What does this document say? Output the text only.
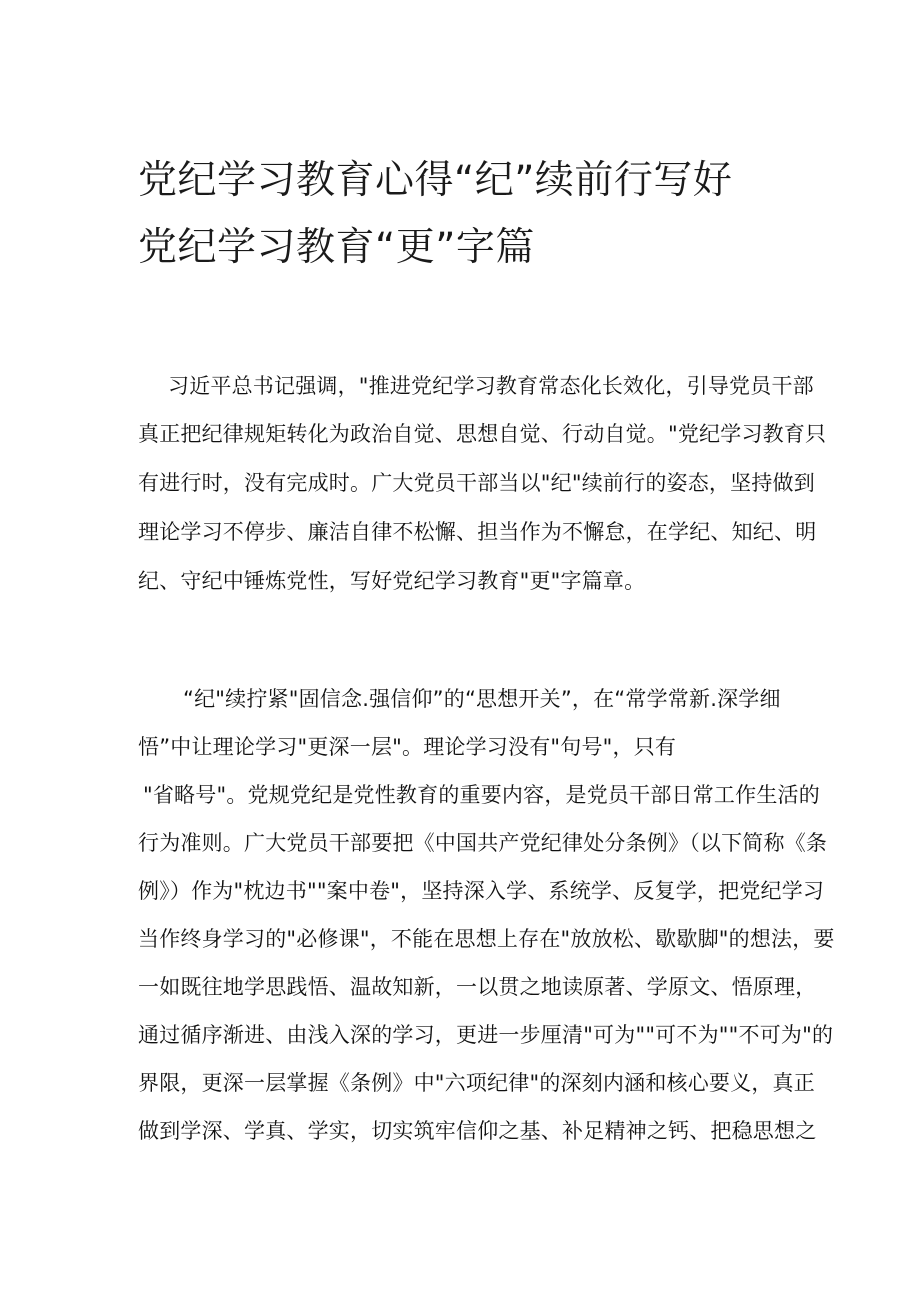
党纪学习教育心得“纪”续前行写好
党纪学习教育“更”字篇
习近平总书记强调，"推进党纪学习教育常态化长效化，引导党员干部
真正把纪律规矩转化为政治自觉、思想自觉、行动自觉。"党纪学习教育只
有进行时，没有完成时。广大党员干部当以"纪"续前行的姿态，坚持做到
理论学习不停步、廉洁自律不松懈、担当作为不懈怠，在学纪、知纪、明
纪、守纪中锤炼党性，写好党纪学习教育"更"字篇章。
“纪"续拧紧"固信念.强信仰”的“思想开关”，在“常学常新.深学细
悟”中让理论学习"更深一层"。理论学习没有"句号"，只有
"省略号"。党规党纪是党性教育的重要内容，是党员干部日常工作生活的
行为准则。广大党员干部要把《中国共产党纪律处分条例》（以下简称《条
例》）作为"枕边书""案中卷"，坚持深入学、系统学、反复学，把党纪学习
当作终身学习的"必修课"，不能在思想上存在"放放松、歇歇脚"的想法，要
一如既往地学思践悟、温故知新，一以贯之地读原著、学原文、悟原理，
通过循序渐进、由浅入深的学习，更进一步厘清"可为""可不为""不可为"的
界限，更深一层掌握《条例》中"六项纪律"的深刻内涵和核心要义，真正
做到学深、学真、学实，切实筑牢信仰之基、补足精神之钙、把稳思想之
